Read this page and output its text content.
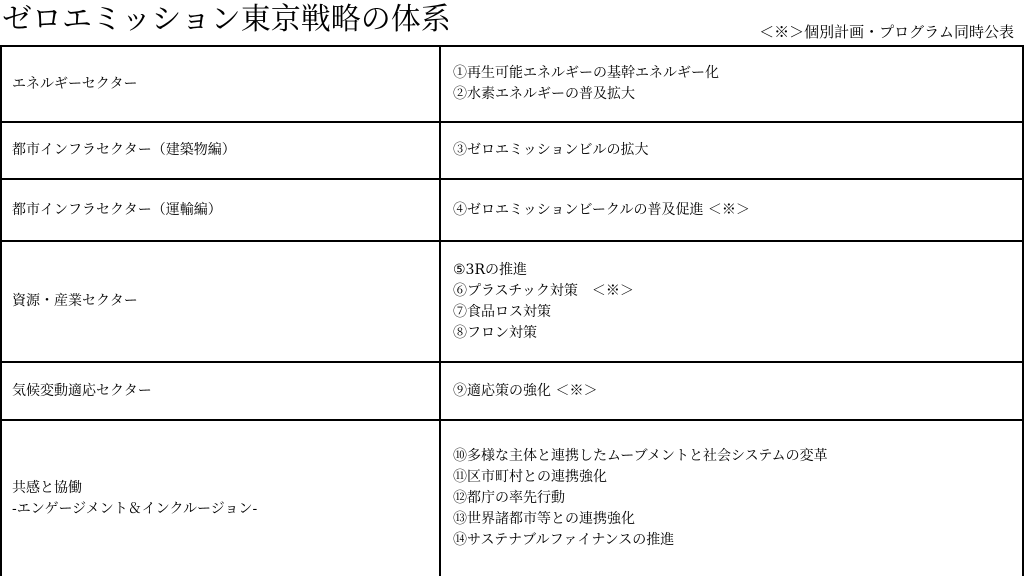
ゼロエミッション東京戦略の体系	＜※＞個別計画・プログラム同時公表
エネルギーセクター	①再生可能エネルギーの基幹エネルギー化
②水素エネルギーの普及拡大

都市インフラセクター（建築物編）	③ゼロエミッションビルの拡大

都市インフラセクター（運輸編）	④ゼロエミッションビークルの普及促進 ＜※＞

資源・産業セクター	⑤3Rの推進
⑥プラスチック対策　＜※＞
⑦食品ロス対策
⑧フロン対策

気候変動適応セクター	⑨適応策の強化 ＜※＞

共感と協働
-エンゲージメント＆インクルージョン-	⑩多様な主体と連携したムーブメントと社会システムの変革
⑪区市町村との連携強化
⑫都庁の率先行動
⑬世界諸都市等との連携強化
⑭サステナブルファイナンスの推進
